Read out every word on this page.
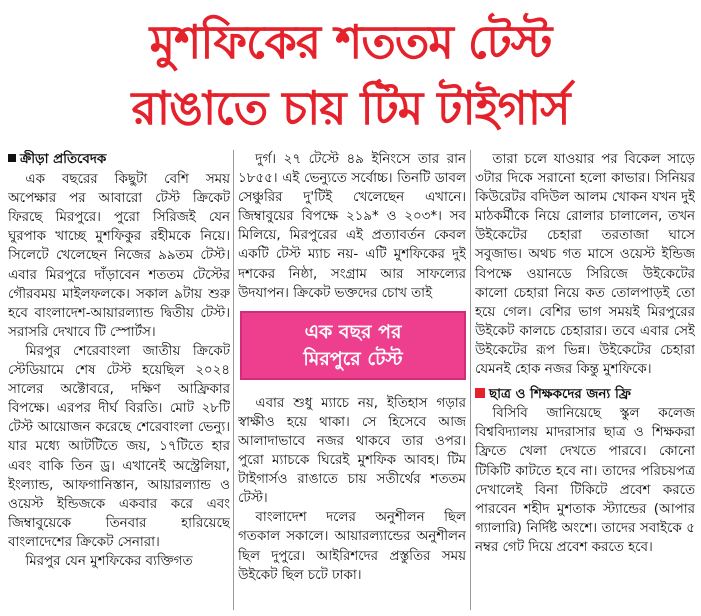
মুশফিকের শততম টেস্ট
রাঙাতে চায় টিম টাইগার্স

ক্রীড়া প্রতিবেদক

এক বছরের কিছুটা বেশি সময় অপেক্ষার পর আবারো টেস্ট ক্রিকেট ফিরছে মিরপুরে। পুরো সিরিজই যেন ঘুরপাক খাচ্ছে মুশফিকুর রহীমকে নিয়ে। সিলেটে খেলেছেন নিজের ৯৯তম টেস্ট। এবার মিরপুরে দাঁড়াবেন শততম টেস্টের গৌরবময় মাইলফলকে। সকাল ৯টায় শুরু হবে বাংলাদেশ-আয়ারল্যান্ড দ্বিতীয় টেস্ট। সরাসরি দেখাবে টি স্পোর্টস।

মিরপুর শেরেবাংলা জাতীয় ক্রিকেট স্টেডিয়ামে শেষ টেস্ট হয়েছিল ২০২৪ সালের অক্টোবরে, দক্ষিণ আফ্রিকার বিপক্ষে। এরপর দীর্ঘ বিরতি। মোট ২৮টি টেস্ট আয়োজন করেছে শেরেবাংলা ভেন্যু। যার মধ্যে আটটিতে জয়, ১৭টিতে হার এবং বাকি তিন ড্র। এখানেই অস্ট্রেলিয়া, ইংল্যান্ড, আফগানিস্তান, আয়ারল্যান্ড ও ওয়েস্ট ইন্ডিজকে একবার করে এবং জিম্বাবুয়েকে তিনবার হারিয়েছে বাংলাদেশের ক্রিকেট সেনারা।

মিরপুর যেন মুশফিকের ব্যক্তিগত

দুর্গ। ২৭ টেস্টে ৪৯ ইনিংসে তার রান ১৮৫৫। এই ভেন্যুতে সর্বোচ্চ। তিনটি ডাবল সেঞ্চুরির দু'টিই খেলেছেন এখানে। জিম্বাবুয়ের বিপক্ষে ২১৯* ও ২০৩*। সব মিলিয়ে, মিরপুরের এই প্রত্যাবর্তন কেবল একটি টেস্ট ম্যাচ নয়- এটি মুশফিকের দুই দশকের নিষ্ঠা, সংগ্রাম আর সাফল্যের উদযাপন। ক্রিকেট ভক্তদের চোখ তাই

এক বছর পর
মিরপুরে টেস্ট

এবার শুধু ম্যাচে নয়, ইতিহাস গড়ার স্বাক্ষীও হয়ে থাকা। সে হিসেবে আজ আলাদাভাবে নজর থাকবে তার ওপর। পুরো ম্যাচকে ঘিরেই মুশফিক আবহ। টিম টাইগার্সও রাঙাতে চায় সতীর্থের শততম টেস্ট।

বাংলাদেশ দলের অনুশীলন ছিল গতকাল সকালে। আয়ারল্যান্ডের অনুশীলন ছিল দুপুরে। আইরিশদের প্রস্তুতির সময় উইকেট ছিল চটে ঢাকা।

তারা চলে যাওয়ার পর বিকেল সাড়ে ৩টার দিকে সরানো হলো কাভার। সিনিয়র কিউরেটর বদিউল আলম খোকন যখন দুই মাঠকর্মীকে নিয়ে রোলার চালালেন, তখন উইকেটের চেহারা তরতাজা ঘাসে সবুজাভ। অথচ গত মাসে ওয়েস্ট ইন্ডিজ বিপক্ষে ওয়ানডে সিরিজে উইকেটের কালো চেহারা নিয়ে কত তোলপাড়ই তো হয়ে গেল। বেশির ভাগ সময়ই মিরপুরের উইকেট কালচে চেহারার। তবে এবার সেই উইকেটের রূপ ভিন্ন। উইকেটের চেহারা যেমনই হোক নজর কিন্তু মুশফিকে।

ছাত্র ও শিক্ষকদের জন্য ফ্রি

বিসিবি জানিয়েছে স্কুল কলেজ বিশ্ববিদ্যালয় মাদরাসার ছাত্র ও শিক্ষকরা ফ্রিতে খেলা দেখতে পারবে। কোনো টিকিটি কাটতে হবে না। তাদের পরিচয়পত্র দেখালেই বিনা টিকিটে প্রবেশ করতে পারবেন শহীদ মুশতাক স্ট্যান্ডের (আপার গ্যালারি) নির্দিষ্ট অংশে। তাদের সবাইকে ৫ নম্বর গেট দিয়ে প্রবেশ করতে হবে।
